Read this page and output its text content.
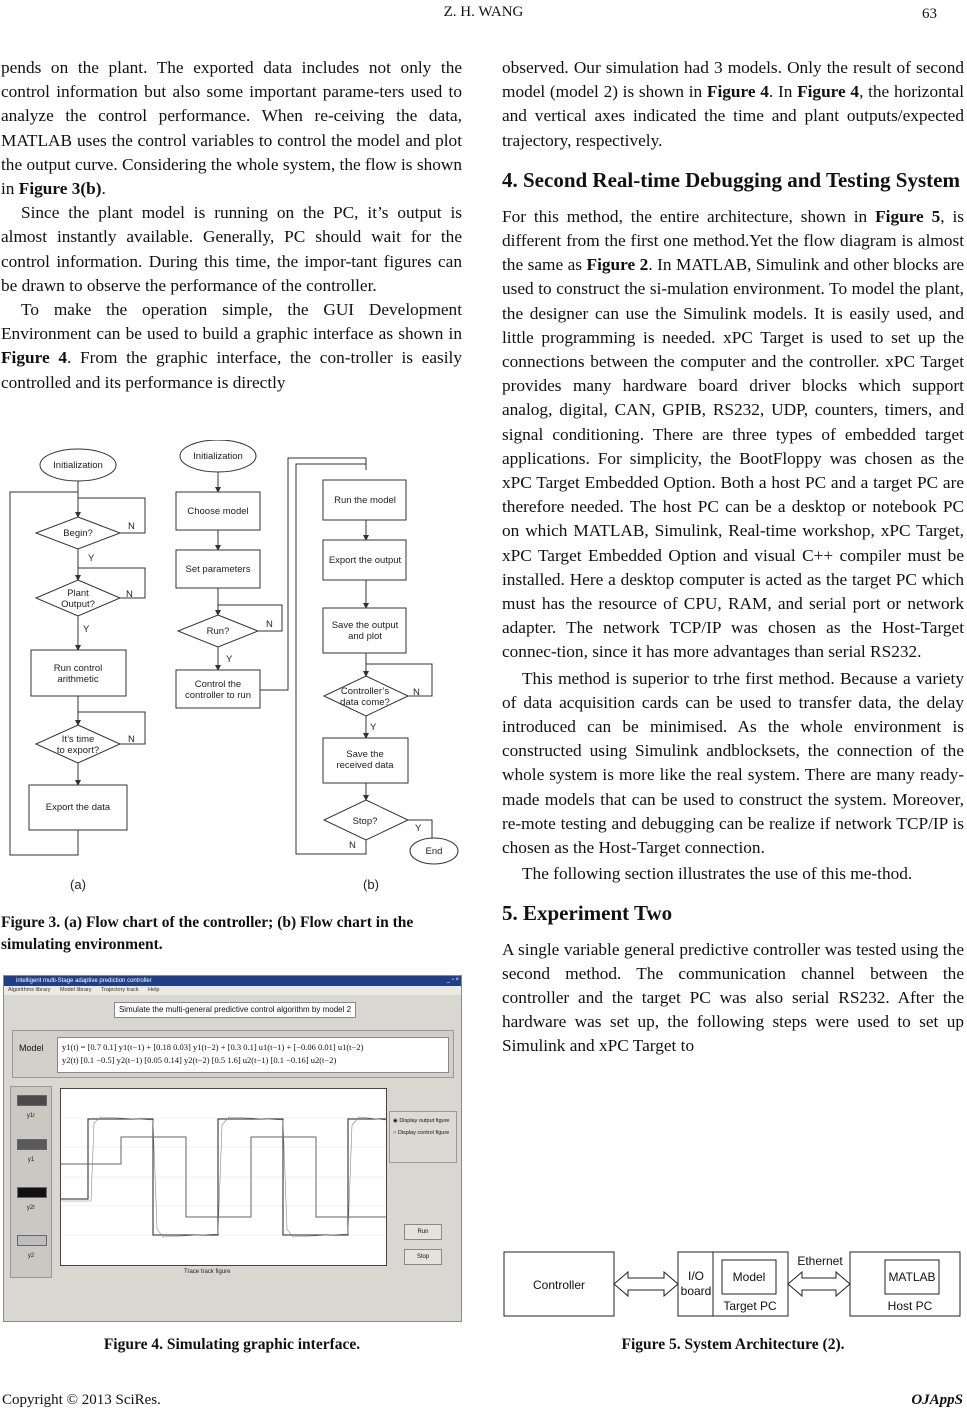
Z. H. WANG	63

pends on the plant. The exported data includes not only the control information but also some important parame-ters used to analyze the control performance. When re-ceiving the data, MATLAB uses the control variables to control the model and plot the output curve. Considering the whole system, the flow is shown in Figure 3(b).

Since the plant model is running on the PC, it’s output is almost instantly available. Generally, PC should wait for the control information. During this time, the impor-tant figures can be drawn to observe the performance of the controller.

To make the operation simple, the GUI Development Environment can be used to build a graphic interface as shown in Figure 4. From the graphic interface, the con-troller is easily controlled and its performance is directly

Initialization
Begin?
N
Y
Plant
Output?
N
Y
Run control
arithmetic
It’s time
to export?
N
Export the data
(a)
Initialization
Choose model
Set parameters
Run?
N
Y
Control the
controller to run
Run the model
Export the output
Save the output
and plot
Controller’s
data come?
N
Y
Save the
received data
Stop?
Y
N
End
(b)
Figure 3. (a) Flow chart of the controller; (b) Flow chart in the simulating environment.
intelligent multi-Stage adaptive prediction controller	_ ▫ ×
Algorithms library Model library Trajectory track Help
Simulate the multi-general predictive control algorithm by model 2
Model	y1(t) = [0.7 0.1] y1(t−1) + [0.18 0.03] y1(t−2) + [0.3 0.1] u1(t−1) + [−0.06 0.01] u1(t−2)
y2(t) [0.1 −0.5] y2(t−1) [0.05 0.14] y2(t−2) [0.5 1.6] u2(t−1) [0.1 −0.16] u2(t−2)
y1r
y1
y2r
y2
◉ Display output figure
○ Display control figure
Run
Stop
Trace track figure
Figure 4. Simulating graphic interface.

observed. Our simulation had 3 models. Only the result of second model (model 2) is shown in Figure 4. In Figure 4, the horizontal and vertical axes indicated the time and plant outputs/expected trajectory, respectively.

4. Second Real-time Debugging and Testing System

For this method, the entire architecture, shown in Figure 5, is different from the first one method.Yet the flow diagram is almost the same as Figure 2. In MATLAB, Simulink and other blocks are used to construct the si-mulation environment. To model the plant, the designer can use the Simulink models. It is easily used, and little programming is needed. xPC Target is used to set up the connections between the computer and the controller. xPC Target provides many hardware board driver blocks which support analog, digital, CAN, GPIB, RS232, UDP, counters, timers, and signal conditioning. There are three types of embedded target applications. For simplicity, the BootFloppy was chosen as the xPC Target Embedded Option. Both a host PC and a target PC are therefore needed. The host PC can be a desktop or notebook PC on which MATLAB, Simulink, Real-time workshop, xPC Target, xPC Target Embedded Option and visual C++ compiler must be installed. Here a desktop computer is acted as the target PC which must has the resource of CPU, RAM, and serial port or network adapter. The network TCP/IP was chosen as the Host-Target connec-tion, since it has more advantages than serial RS232.

This method is superior to trhe first method. Because a variety of data acquisition cards can be used to transfer data, the delay introduced can be minimised. As the whole environment is constructed using Simulink andblocksets, the connection of the whole system is more like the real system. There are many ready-made models that can be used to construct the system. Moreover, re-mote testing and debugging can be realize if network TCP/IP is chosen as the Host-Target connection.

The following section illustrates the use of this me-thod.

5. Experiment Two

A single variable general predictive controller was tested using the second method. The communication channel between the controller and the target PC was also serial RS232. After the hardware was set up, the following steps were used to set up Simulink and xPC Target to

Controller
I/O
board
Model
Target PC
Ethernet
MATLAB
Host PC
Figure 5. System Architecture (2).
Copyright © 2013 SciRes.	OJAppS
